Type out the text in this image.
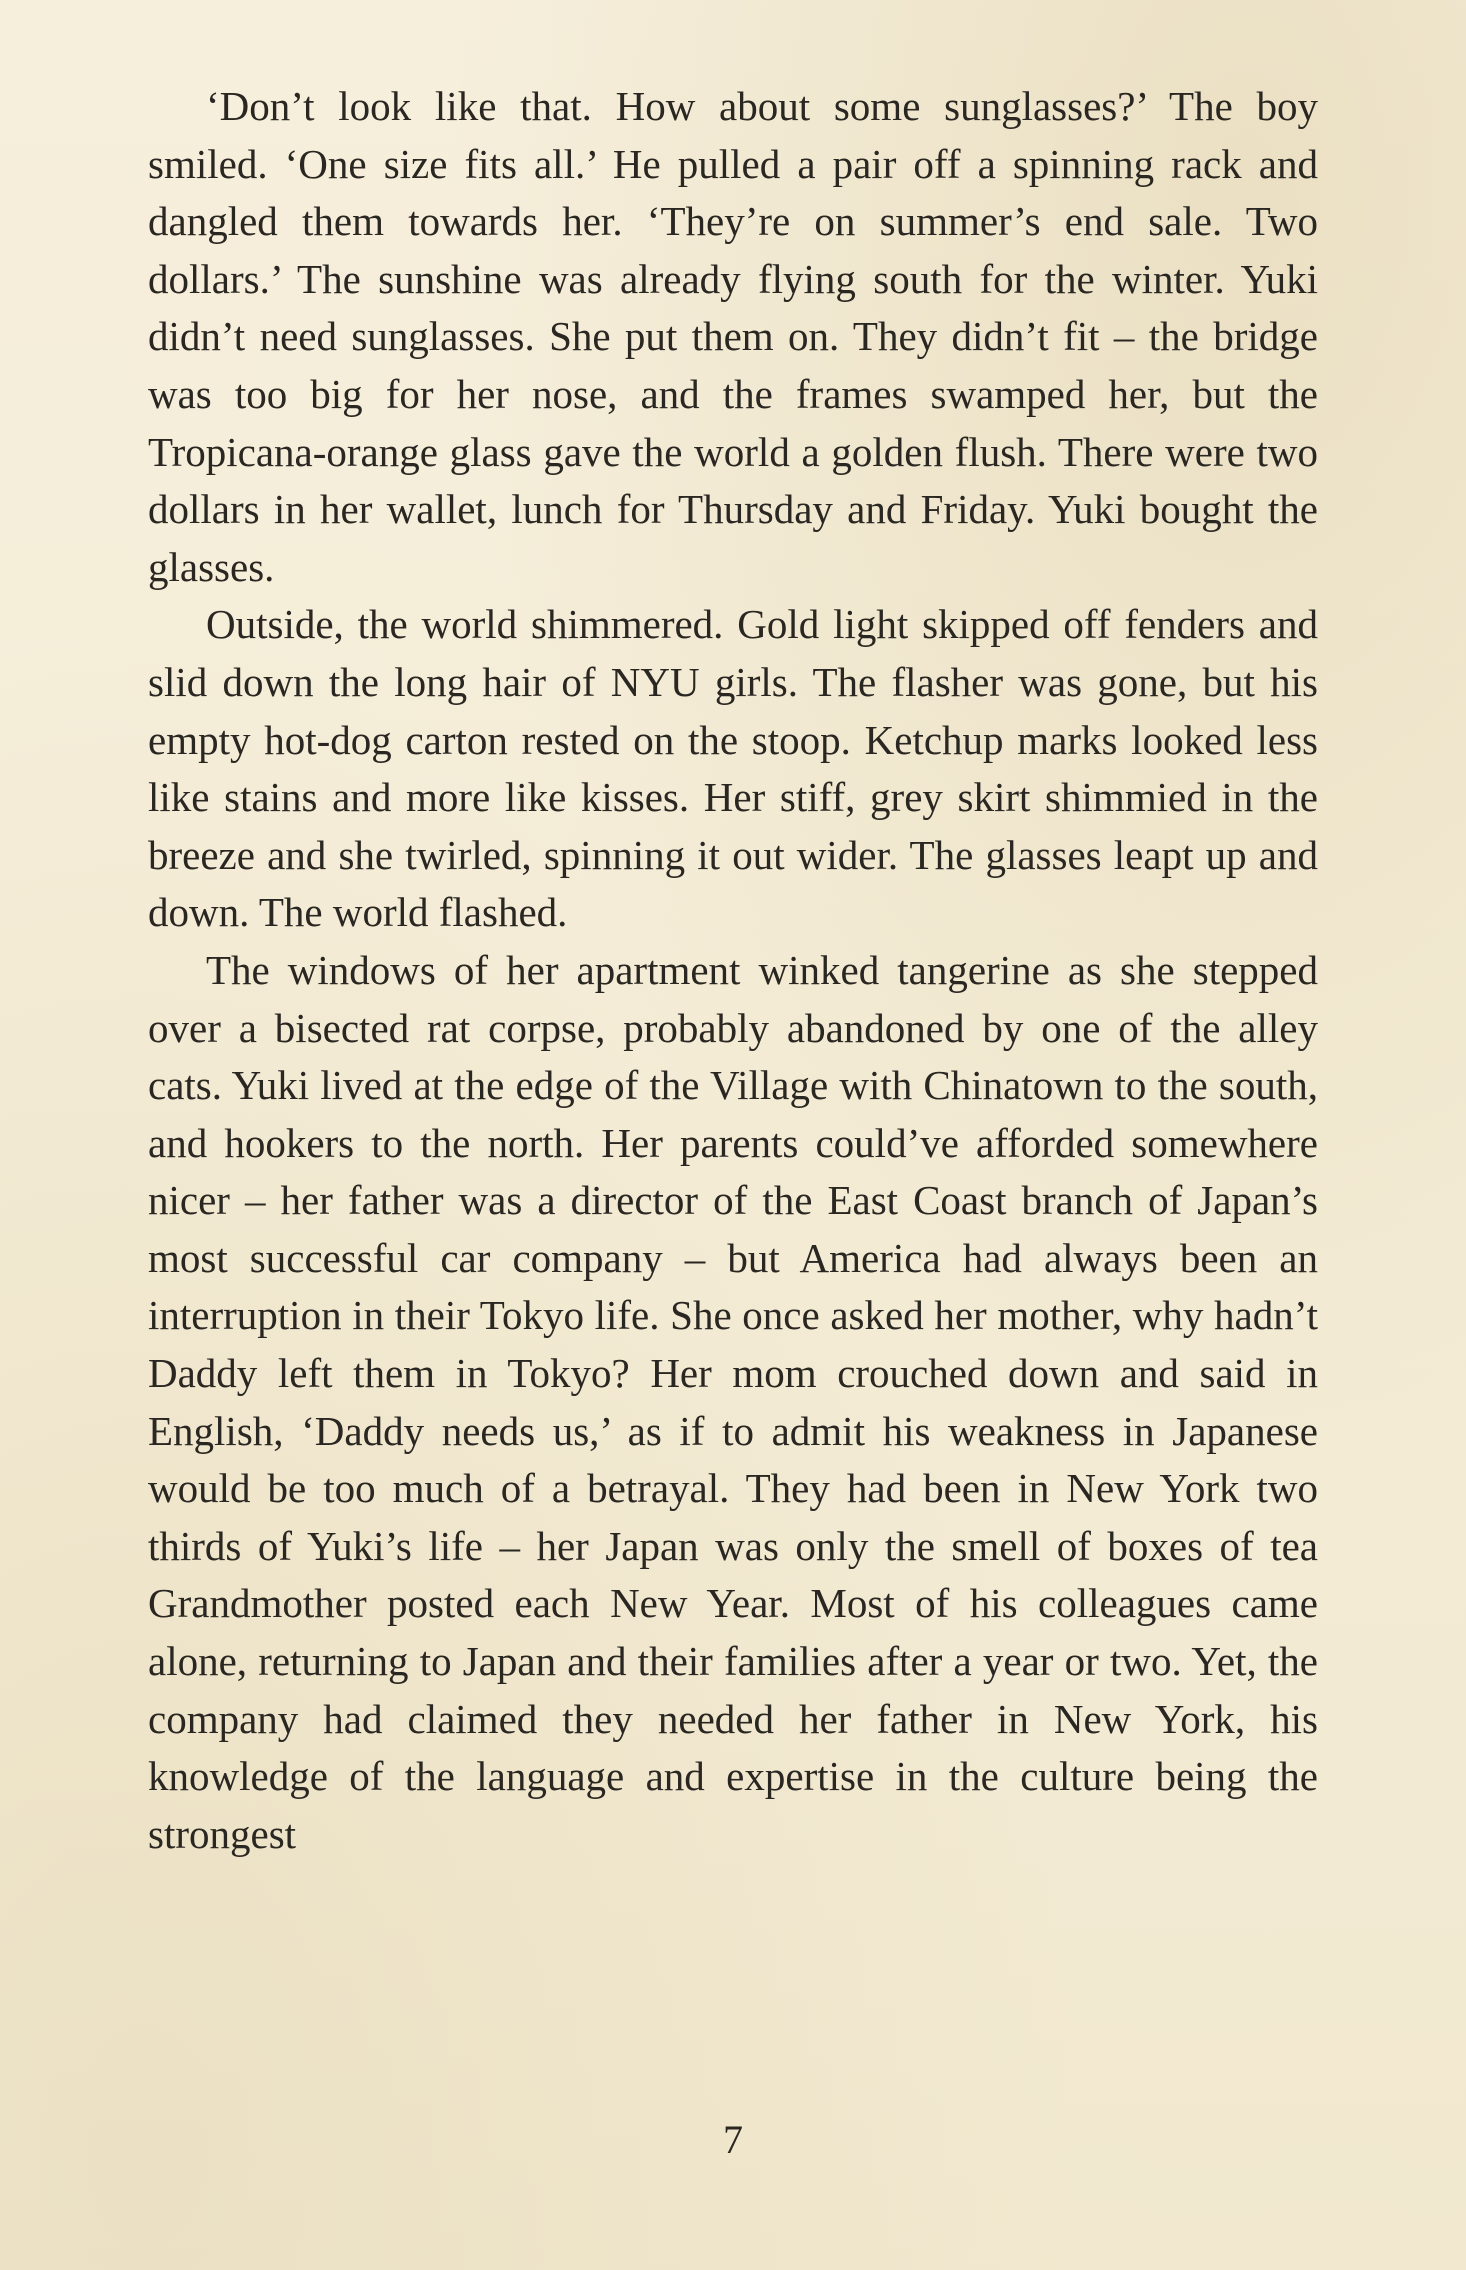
‘Don’t look like that. How about some sunglasses?’ The boy smiled. ‘One size fits all.’ He pulled a pair off a spinning rack and dangled them towards her. ‘They’re on summer’s end sale. Two dollars.’ The sunshine was already flying south for the winter. Yuki didn’t need sunglasses. She put them on. They didn’t fit – the bridge was too big for her nose, and the frames swamped her, but the Tropicana-orange glass gave the world a golden flush. There were two dollars in her wallet, lunch for Thursday and Friday. Yuki bought the glasses.

Outside, the world shimmered. Gold light skipped off fenders and slid down the long hair of NYU girls. The flasher was gone, but his empty hot-dog carton rested on the stoop. Ketchup marks looked less like stains and more like kisses. Her stiff, grey skirt shimmied in the breeze and she twirled, spinning it out wider. The glasses leapt up and down. The world flashed.

The windows of her apartment winked tangerine as she stepped over a bisected rat corpse, probably abandoned by one of the alley cats. Yuki lived at the edge of the Village with Chinatown to the south, and hookers to the north. Her parents could’ve afforded somewhere nicer – her father was a director of the East Coast branch of Japan’s most successful car company – but America had always been an interruption in their Tokyo life. She once asked her mother, why hadn’t Daddy left them in Tokyo? Her mom crouched down and said in English, ‘Daddy needs us,’ as if to admit his weakness in Japanese would be too much of a betrayal. They had been in New York two thirds of Yuki’s life – her Japan was only the smell of boxes of tea Grandmother posted each New Year. Most of his colleagues came alone, returning to Japan and their families after a year or two. Yet, the company had claimed they needed her father in New York, his knowledge of the language and expertise in the culture being the strongest

7
